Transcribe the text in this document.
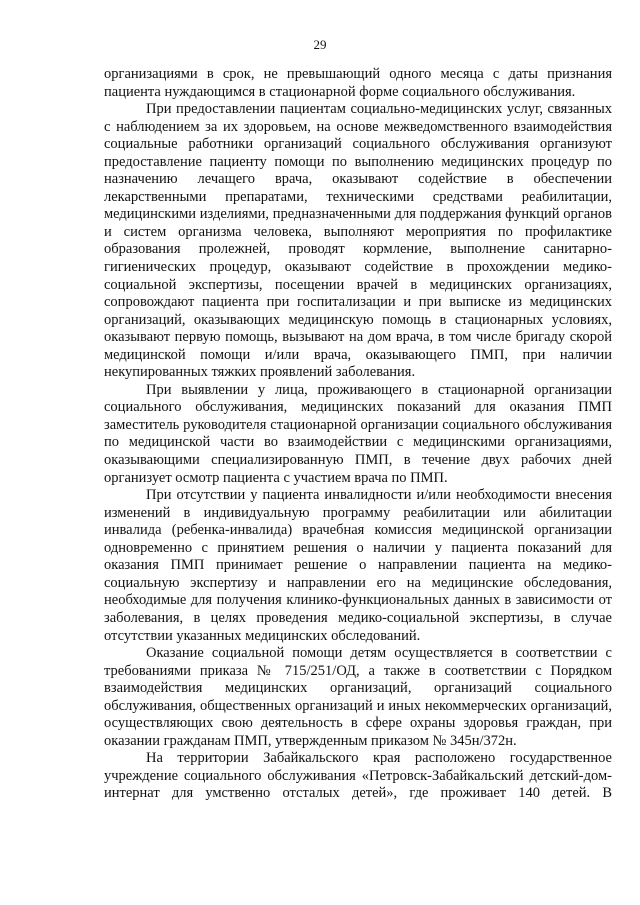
29

организациями в срок, не превышающий одного месяца с даты признания пациента нуждающимся в стационарной форме социального обслуживания.

При предоставлении пациентам социально-медицинских услуг, связанных с наблюдением за их здоровьем, на основе межведомственного взаимодействия социальные работники организаций социального обслуживания организуют предоставление пациенту помощи по выполнению медицинских процедур по назначению лечащего врача, оказывают содействие в обеспечении лекарственными препаратами, техническими средствами реабилитации, медицинскими изделиями, предназначенными для поддержания функций органов и систем организма человека, выполняют мероприятия по профилактике образования пролежней, проводят кормление, выполнение санитарно-гигиенических процедур, оказывают содействие в прохождении медико-социальной экспертизы, посещении врачей в медицинских организациях, сопровождают пациента при госпитализации и при выписке из медицинских организаций, оказывающих медицинскую помощь в стационарных условиях, оказывают первую помощь, вызывают на дом врача, в том числе бригаду скорой медицинской помощи и/или врача, оказывающего ПМП, при наличии некупированных тяжких проявлений заболевания.

При выявлении у лица, проживающего в стационарной организации социального обслуживания, медицинских показаний для оказания ПМП заместитель руководителя стационарной организации социального обслуживания по медицинской части во взаимодействии с медицинскими организациями, оказывающими специализированную ПМП, в течение двух рабочих дней организует осмотр пациента с участием врача по ПМП.

При отсутствии у пациента инвалидности и/или необходимости внесения изменений в индивидуальную программу реабилитации или абилитации инвалида (ребенка-инвалида) врачебная комиссия медицинской организации одновременно с принятием решения о наличии у пациента показаний для оказания ПМП принимает решение о направлении пациента на медико-социальную экспертизу и направлении его на медицинские обследования, необходимые для получения клинико-функциональных данных в зависимости от заболевания, в целях проведения медико-социальной экспертизы, в случае отсутствии указанных медицинских обследований.

Оказание социальной помощи детям осуществляется в соответствии с требованиями приказа № 715/251/ОД, а также в соответствии с Порядком взаимодействия медицинских организаций, организаций социального обслуживания, общественных организаций и иных некоммерческих организаций, осуществляющих свою деятельность в сфере охраны здоровья граждан, при оказании гражданам ПМП, утвержденным приказом № 345н/372н.

На территории Забайкальского края расположено государственное учреждение социального обслуживания «Петровск-Забайкальский детский-дом-интернат для умственно отсталых детей», где проживает 140 детей. В
